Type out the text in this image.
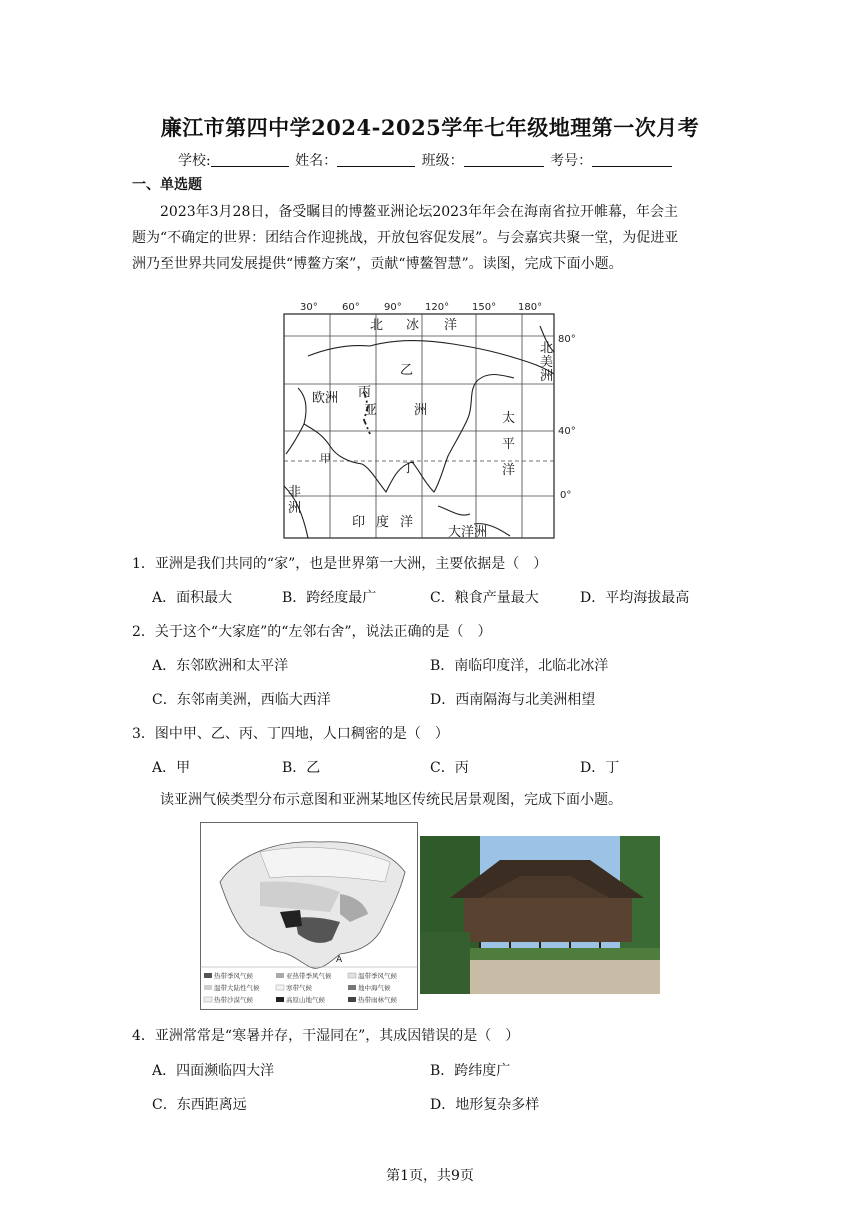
廉江市第四中学2024-2025学年七年级地理第一次月考
学校:	姓名：	班级：	考号：
一、单选题

2023年3月28日，备受瞩目的博鳌亚洲论坛2023年年会在海南省拉开帷幕，年会主

题为“不确定的世界：团结合作迎挑战，开放包容促发展”。与会嘉宾共聚一堂，为促进亚

洲乃至世界共同发展提供“博鳌方案”，贡献“博鳌智慧”。读图，完成下面小题。

30° 60° 90° 120° 150° 180°
80°
40°
0°
北 冰 洋
北
美
洲
乙
丙
欧洲
亚	洲
太
平
洋
甲
丁
非
洲
印 度 洋
大洋洲
1．亚洲是我们共同的“家”，也是世界第一大洲，主要依据是（　）
A．面积最大	B．跨经度最广	C．粮食产量最大	D．平均海拔最高
2．关于这个“大家庭”的“左邻右舍”，说法正确的是（　）
A．东邻欧洲和太平洋	B．南临印度洋，北临北冰洋
C．东邻南美洲，西临大西洋	D．西南隔海与北美洲相望
3．图中甲、乙、丙、丁四地，人口稠密的是（　）
A．甲	B．乙	C．丙	D．丁
读亚洲气候类型分布示意图和亚洲某地区传统民居景观图，完成下面小题。
A
热带季风气候	亚热带季风气候	温带季风气候
温带大陆性气候	寒带气候	地中海气候
热带沙漠气候	高原山地气候	热带雨林气候
4．亚洲常常是“寒暑并存，干湿同在”，其成因错误的是（　）
A．四面濒临四大洋	B．跨纬度广
C．东西距离远	D．地形复杂多样
第1页，共9页
